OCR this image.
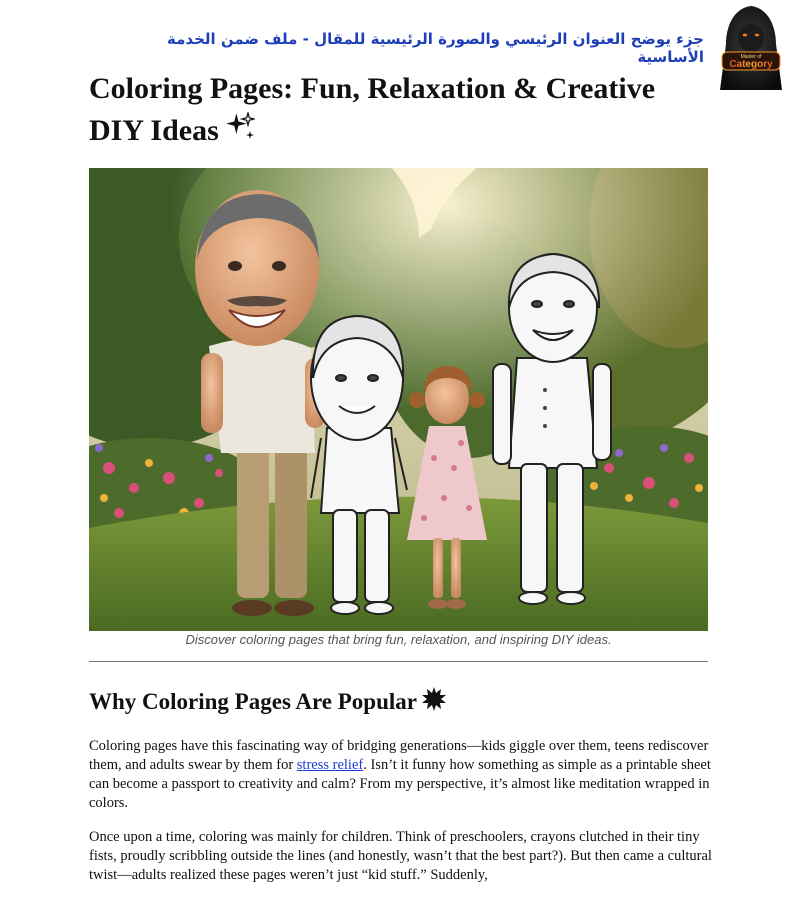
جزء يوضح العنوان الرئيسي والصورة الرئيسية للمقال - ملف ضمن الخدمة الأساسية	Master of
Category
Coloring Pages: Fun, Relaxation & Creative DIY Ideas
Discover coloring pages that bring fun, relaxation, and inspiring DIY ideas.
Why Coloring Pages Are Popular

Coloring pages have this fascinating way of bridging generations—kids giggle over them, teens rediscover them, and adults swear by them for stress relief. Isn’t it funny how something as simple as a printable sheet can become a passport to creativity and calm? From my perspective, it’s almost like meditation wrapped in colors.

Once upon a time, coloring was mainly for children. Think of preschoolers, crayons clutched in their tiny fists, proudly scribbling outside the lines (and honestly, wasn’t that the best part?). But then came a cultural twist—adults realized these pages weren’t just “kid stuff.” Suddenly,
